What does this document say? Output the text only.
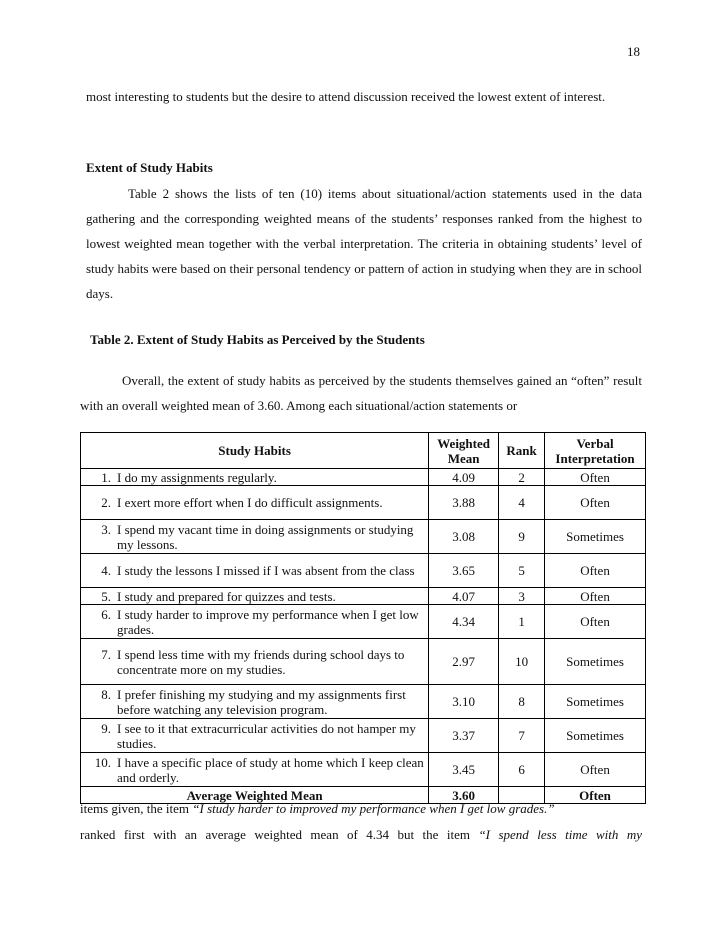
18
most interesting to students but the desire to attend discussion received the lowest extent of interest.
Extent of Study Habits
Table 2 shows the lists of ten (10) items about situational/action statements used in the data gathering and the corresponding weighted means of the students’ responses ranked from the highest to lowest weighted mean together with the verbal interpretation. The criteria in obtaining students’ level of study habits were based on their personal tendency or pattern of action in studying when they are in school days.
Table 2. Extent of Study Habits as Perceived by the Students
Overall, the extent of study habits as perceived by the students themselves gained an “often” result with an overall weighted mean of 3.60. Among each situational/action statements or
Study Habits	Weighted Mean	Rank	Verbal Interpretation

1. I do my assignments regularly.	4.09	2	Often

2. I exert more effort when I do difficult assignments.	3.88	4	Often

3. I spend my vacant time in doing assignments or studying my lessons.	3.08	9	Sometimes

4. I study the lessons I missed if I was absent from the class	3.65	5	Often

5. I study and prepared for quizzes and tests.	4.07	3	Often

6. I study harder to improve my performance when I get low grades.	4.34	1	Often

7. I spend less time with my friends during school days to concentrate more on my studies.	2.97	10	Sometimes

8. I prefer finishing my studying and my assignments first before watching any television program.	3.10	8	Sometimes

9. I see to it that extracurricular activities do not hamper my studies.	3.37	7	Sometimes

10. I have a specific place of study at home which I keep clean and orderly.	3.45	6	Often
Average Weighted Mean	3.60		Often
items given, the item “I study harder to improved my performance when I get low grades.”
ranked first with an average weighted mean of 4.34 but the item “I spend less time with my
